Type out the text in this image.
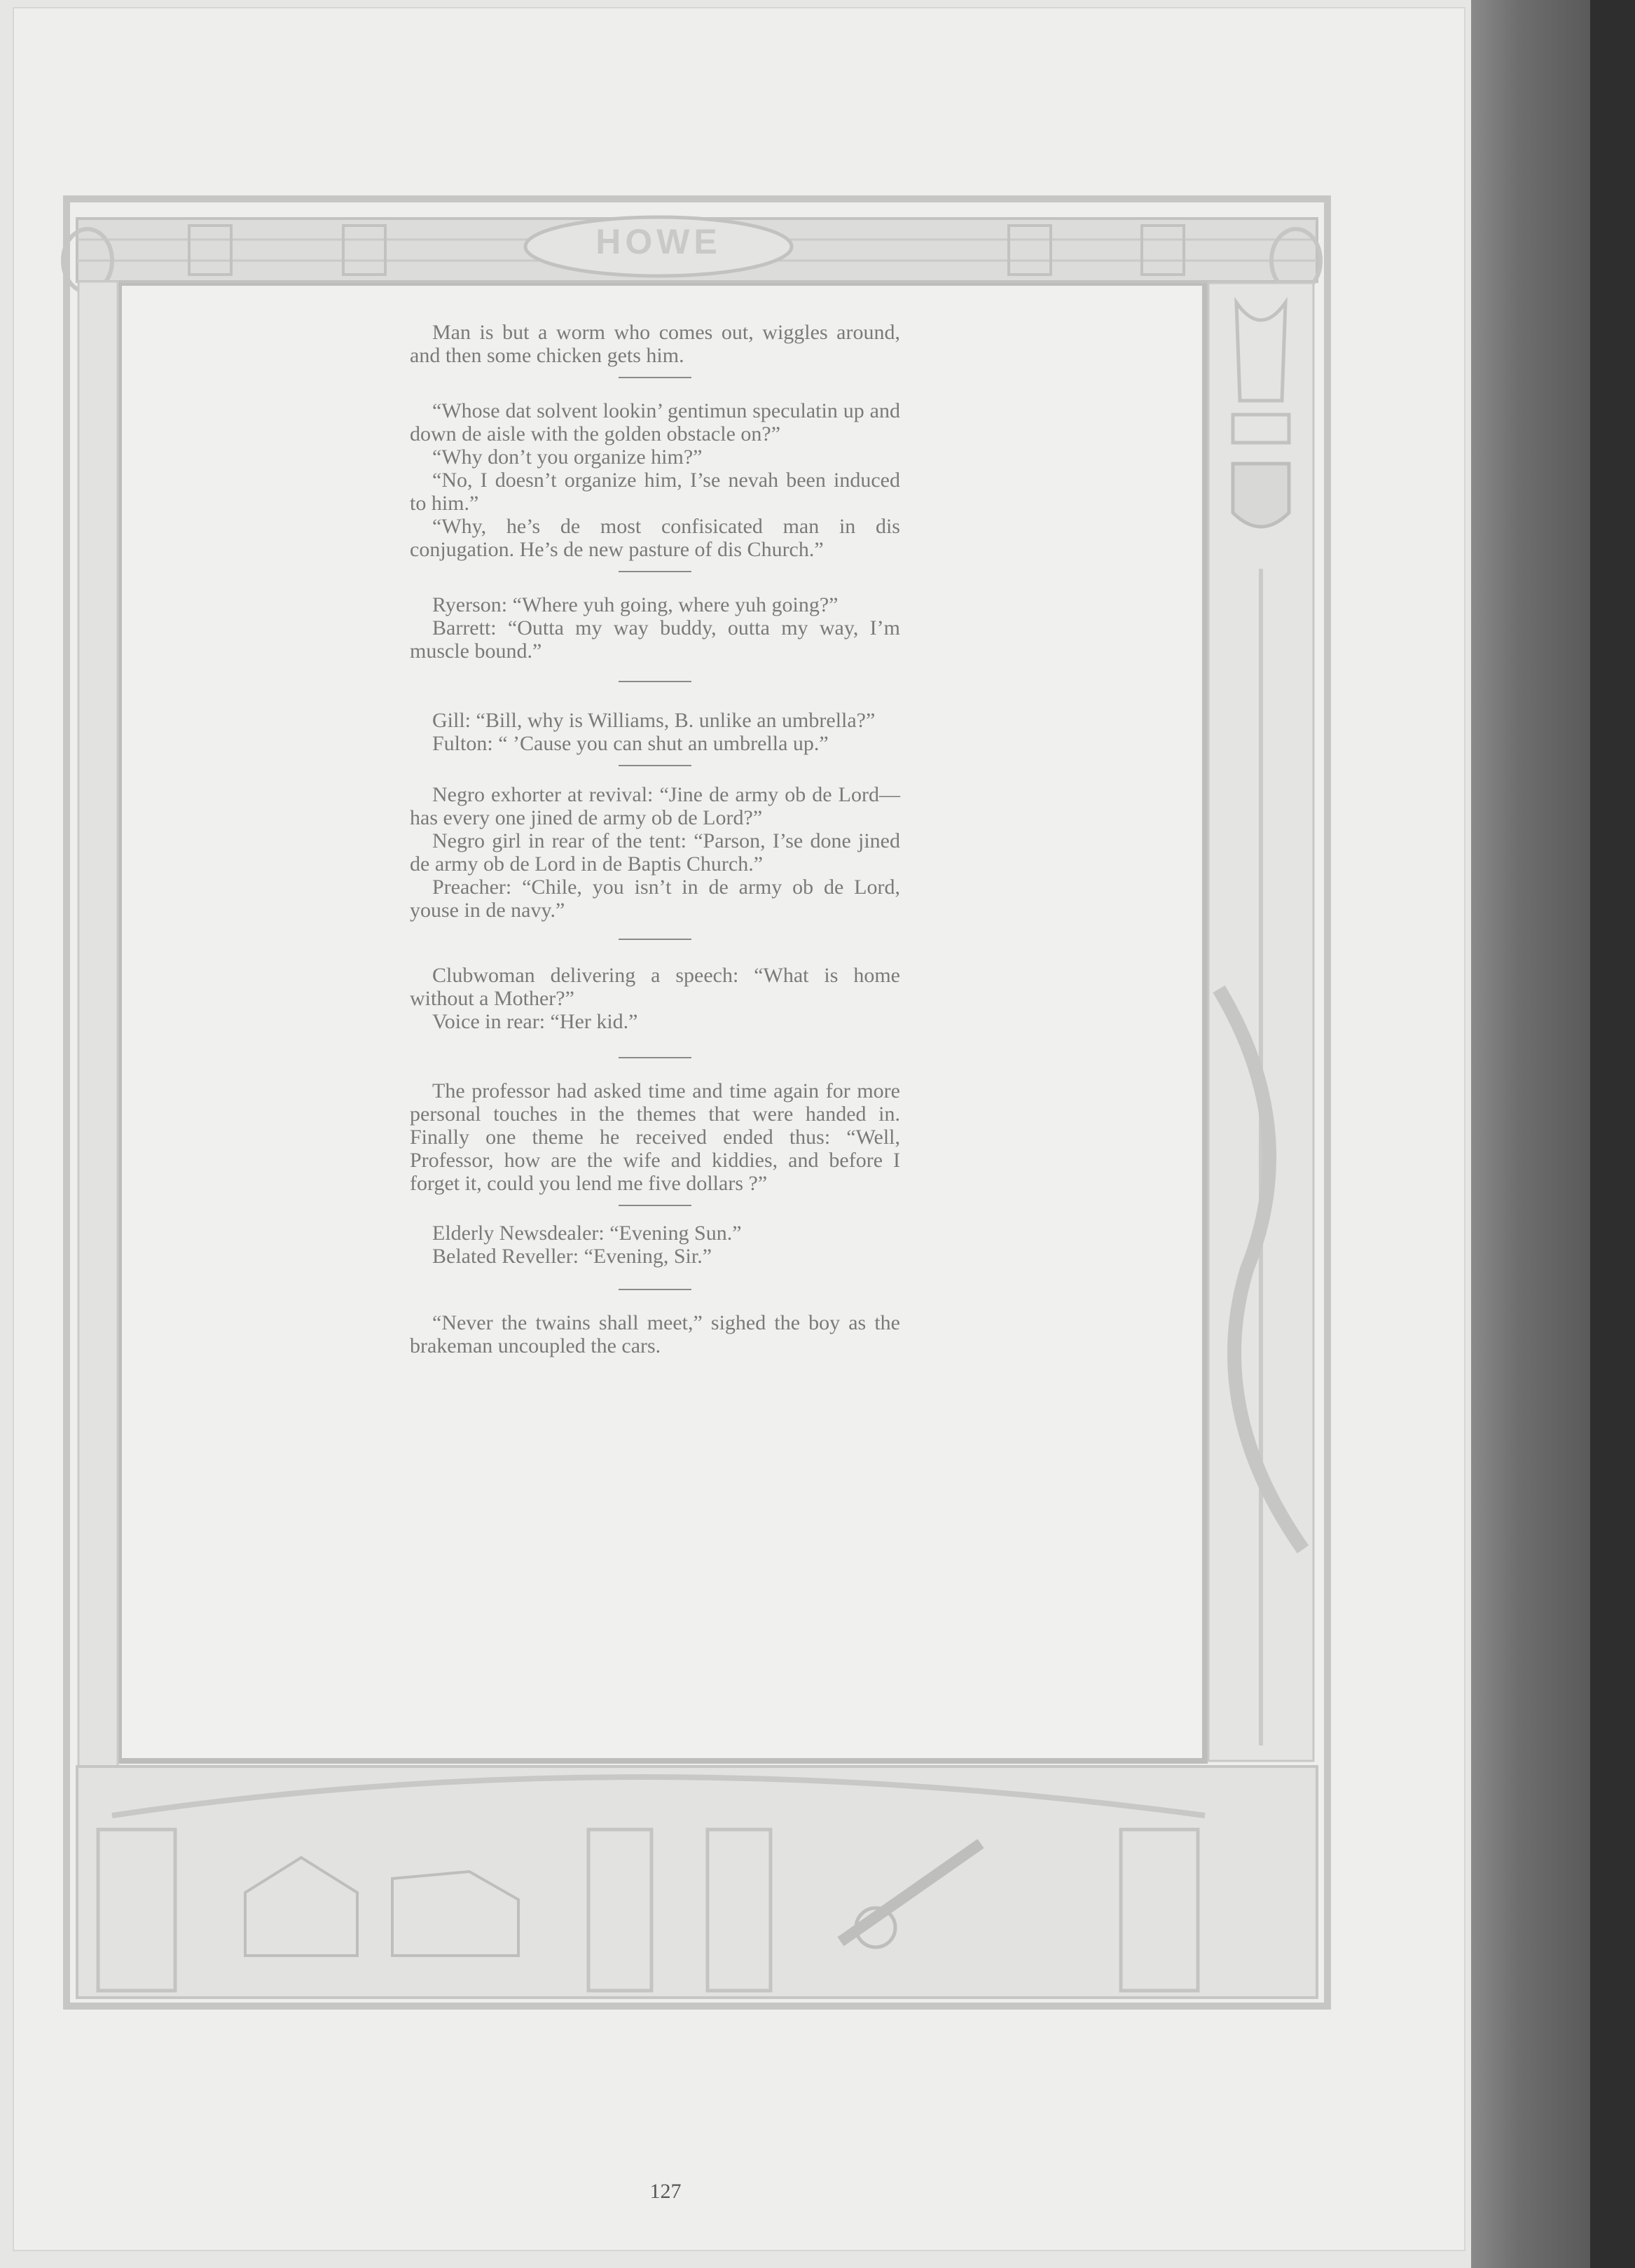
HOWE

Man is but a worm who comes out, wiggles around, and then some chicken gets him.

“Whose dat solvent lookin’ gentimun speculatin up and down de aisle with the golden obstacle on?”

“Why don’t you organize him?”

“No, I doesn’t organize him, I’se nevah been induced to him.”

“Why, he’s de most confisicated man in dis conjugation. He’s de new pasture of dis Church.”

Ryerson: “Where yuh going, where yuh going?”

Barrett: “Outta my way buddy, outta my way, I’m muscle bound.”

Gill: “Bill, why is Williams, B. unlike an umbrella?”

Fulton: “ ’Cause you can shut an umbrella up.”

Negro exhorter at revival: “Jine de army ob de Lord—has every one jined de army ob de Lord?”

Negro girl in rear of the tent: “Parson, I’se done jined de army ob de Lord in de Baptis Church.”

Preacher: “Chile, you isn’t in de army ob de Lord, youse in de navy.”

Clubwoman delivering a speech: “What is home without a Mother?”

Voice in rear: “Her kid.”

The professor had asked time and time again for more personal touches in the themes that were handed in. Finally one theme he received ended thus: “Well, Professor, how are the wife and kiddies, and before I forget it, could you lend me five dollars ?”

Elderly Newsdealer: “Evening Sun.”

Belated Reveller: “Evening, Sir.”

“Never the twains shall meet,” sighed the boy as the brakeman uncoupled the cars.

127
